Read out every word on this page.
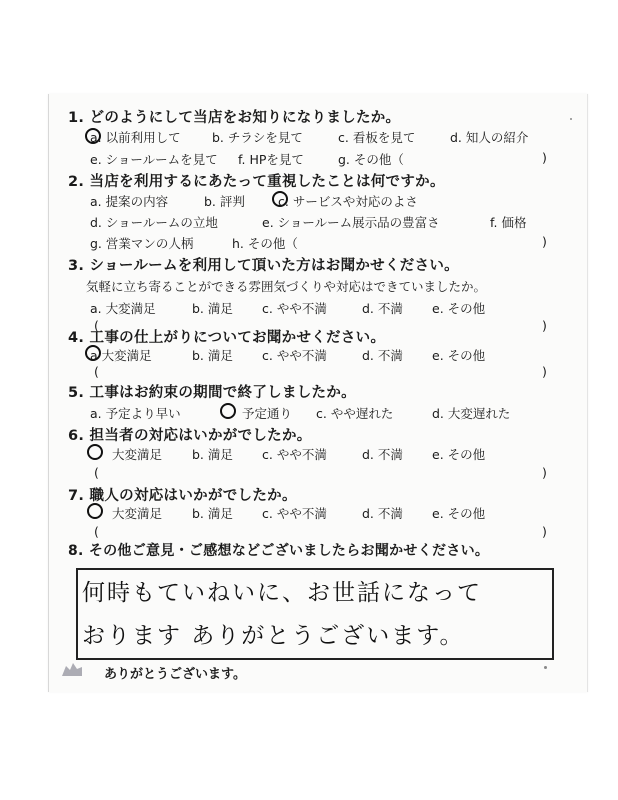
1. どのようにして当店をお知りになりましたか。
a. 以前利用して	b. チラシを見て	c. 看板を見て	d. 知人の紹介
e. ショールームを見て f. HPを見て	g. その他（	)
2. 当店を利用するにあたって重視したことは何ですか。
a. 提案の内容	b. 評判	c. サービスや対応のよさ
d. ショールームの立地	e. ショールーム展示品の豊富さ	f. 価格
g. 営業マンの人柄	h. その他（	)
3. ショールームを利用して頂いた方はお聞かせください。
気軽に立ち寄ることができる雰囲気づくりや対応はできていましたか。
a. 大変満足	b. 満足 c. やや不満	d. 不満 e. その他
(	)
4. 工事の仕上がりについてお聞かせください。
a 大変満足	b. 満足 c. やや不満	d. 不満 e. その他
(	)
5. 工事はお約束の期間で終了しましたか。
a. 予定より早い	予定通り c. やや遅れた	d. 大変遅れた
6. 担当者の対応はいかがでしたか。
大変満足 b. 満足 c. やや不満	d. 不満 e. その他
(	)
7. 職人の対応はいかがでしたか。
大変満足 b. 満足 c. やや不満	d. 不満 e. その他
(	)
8. その他ご意見・ご感想などございましたらお聞かせください。
何時もていねいに、お世話になって
おります ありがとうございます。
ありがとうございます。
